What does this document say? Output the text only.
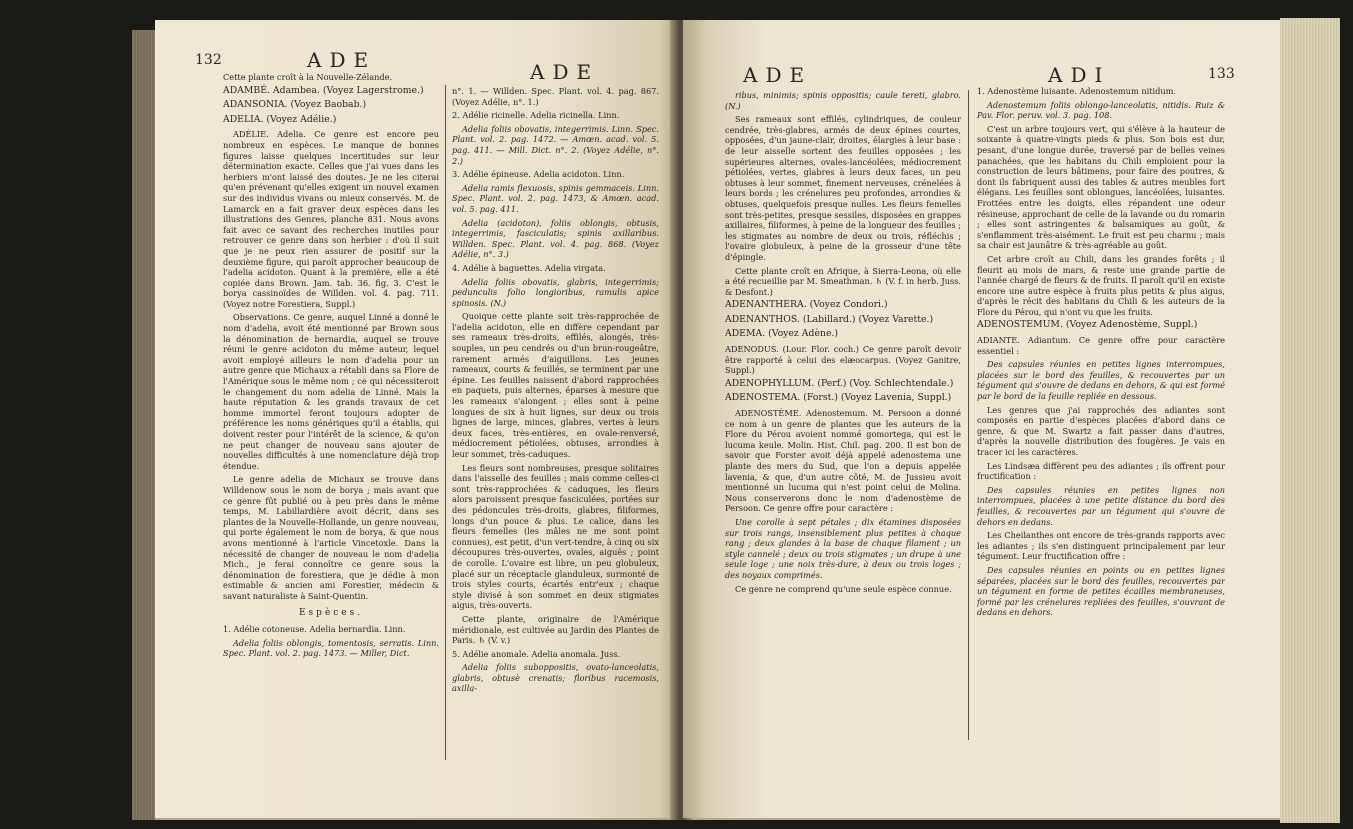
132	ADE	ADE

Cette plante croît à la Nouvelle-Zélande.

ADAMBÉ. Adambea. (Voyez Lagerstrome.)

ADANSONIA. (Voyez Baobab.)

ADELIA. (Voyez Adélie.)

ADÉLIE. Adelia. Ce genre est encore peu nombreux en espèces. Le manque de bonnes figures laisse quelques incertitudes sur leur détermination exacte. Celles que j'ai vues dans les herbiers m'ont laissé des doutes. Je ne les citerai qu'en prévenant qu'elles exigent un nouvel examen sur des individus vivans ou mieux conservés. M. de Lamarck en a fait graver deux espèces dans les illustrations des Genres, planche 831. Nous avons fait avec ce savant des recherches inutiles pour retrouver ce genre dans son herbier : d'où il suit que je ne peux rien assurer de positif sur la deuxième figure, qui paroît approcher beaucoup de l'adelia acidoton. Quant à la première, elle a été copiée dans Brown. Jam. tab. 36. fig. 3. C'est le borya cassinoïdes de Willden. vol. 4. pag. 711. (Voyez notre Forestiera, Suppl.)

Observations. Ce genre, auquel Linné a donné le nom d'adelia, avoit été mentionné par Brown sous la dénomination de bernardia, auquel se trouve réuni le genre acidoton du même auteur, lequel avoit employé ailleurs le nom d'adelia pour un autre genre que Michaux a rétabli dans sa Flore de l'Amérique sous le même nom ; ce qui nécessiteroit le changement du nom adelia de Linné. Mais la haute réputation & les grands travaux de cet homme immortel feront toujours adopter de préférence les noms génériques qu'il a établis, qui doivent rester pour l'intérêt de la science, & qu'on ne peut changer de nouveau sans ajouter de nouvelles difficultés à une nomenclature déjà trop étendue.

Le genre adelia de Michaux se trouve dans Willdenow sous le nom de borya ; mais avant que ce genre fût publié ou à peu près dans le même temps, M. Labillardière avoit décrit, dans ses plantes de la Nouvelle-Hollande, un genre nouveau, qui porte également le nom de borya, & que nous avons mentionné à l'article Vincetoxle. Dans la nécessité de changer de nouveau le nom d'adelia Mich., je ferai connoître ce genre sous la dénomination de forestiera, que je dédie à mon estimable & ancien ami Forestier, médecin & savant naturaliste à Saint-Quentin.

Espèces.

1. Adélie cotoneuse. Adelia bernardia. Linn.

Adelia foliis oblongis, tomentosis, serratis. Linn. Spec. Plant. vol. 2. pag. 1473. — Miller, Dict.

n°. 1. — Willden. Spec. Plant. vol. 4. pag. 867. (Voyez Adélie, n°. 1.)

2. Adélie ricinelle. Adelia ricinella. Linn.

Adelia foliis obovatis, integerrimis. Linn. Spec. Plant. vol. 2. pag. 1472. — Amœn. acad. vol. 5. pag. 411. — Mill. Dict. n°. 2. (Voyez Adélie, n°. 2.)

3. Adélie épineuse. Adelia acidoton. Linn.

Adelia ramis flexuosis, spinis gemmaceis. Linn. Spec. Plant. vol. 2. pag. 1473, & Amœn. acad. vol. 5. pag. 411.

Adelia (acidoton), foliis oblongis, obtusis, integerrimis, fasciculatis; spinis axillaribus. Willden. Spec. Plant. vol. 4. pag. 868. (Voyez Adélie, n°. 3.)

4. Adélie à baguettes. Adelia virgata.

Adelia foliis obovatis, glabris, integerrimis; pedunculis folio longioribus, ramulis apice spinosis. (N.)

Quoique cette plante soit très-rapprochée de l'adelia acidoton, elle en diffère cependant par ses rameaux très-droits, effilés, alongés, très-souples, un peu cendrés ou d'un brun-rougeâtre, rarement armés d'aiguillons. Les jeunes rameaux, courts & feuillés, se terminent par une épine. Les feuilles naissent d'abord rapprochées en paquets, puis alternes, éparses à mesure que les rameaux s'alongent ; elles sont à peine longues de six à huit lignes, sur deux ou trois lignes de large, minces, glabres, vertes à leurs deux faces, très-entières, en ovale-renversé, médiocrement pétiolées, obtuses, arrondies à leur sommet, très-caduques.

Les fleurs sont nombreuses, presque solitaires dans l'aisselle des feuilles ; mais comme celles-ci sont très-rapprochées & caduques, les fleurs alors paroissent presque fasciculées, portées sur des pédoncules très-droits, glabres, filiformes, longs d'un pouce & plus. Le calice, dans les fleurs femelles (les mâles ne me sont point connues), est petit, d'un vert-tendre, à cinq ou six découpures très-ouvertes, ovales, aiguës ; point de corolle. L'ovaire est libre, un peu globuleux, placé sur un réceptacle glanduleux, surmonté de trois styles courts, écartés entr'eux ; chaque style divisé à son sommet en deux stigmates aigus, très-ouverts.

Cette plante, originaire de l'Amérique méridionale, est cultivée au Jardin des Plantes de Paris. ♄ (V. v.)

5. Adélie anomale. Adelia anomala. Juss.

Adelia foliis suboppositis, ovato-lanceolatis, glabris, obtusè crenatis; floribus racemosis, axilla-

ADE	ADI	133

ribus, minimis; spinis oppositis; caule tereti, glabro. (N.)

Ses rameaux sont effilés, cylindriques, de couleur cendrée, très-glabres, armés de deux épines courtes, opposées, d'un jaune-clair, droites, élargies à leur base : de leur aisselle sortent des feuilles opposées ; les supérieures alternes, ovales-lancéolées, médiocrement pétiolées, vertes, glabres à leurs deux faces, un peu obtuses à leur sommet, finement nerveuses, crénelées à leurs bords ; les crénelures peu profondes, arrondies & obtuses, quelquefois presque nulles. Les fleurs femelles sont très-petites, presque sessiles, disposées en grappes axillaires, filiformes, à peine de la longueur des feuilles ; les stigmates au nombre de deux ou trois, réfléchis ; l'ovaire globuleux, à peine de la grosseur d'une tête d'épingle.

Cette plante croît en Afrique, à Sierra-Leona, où elle a été recueillie par M. Smeathman. ♄ (V. f. in herb. Juss. & Desfont.)

ADENANTHERA. (Voyez Condori.)

ADENANTHOS. (Labillard.) (Voyez Varette.)

ADEMA. (Voyez Adène.)

ADENODUS. (Lour. Flor. coch.) Ce genre paroît devoir être rapporté à celui des elæocarpus. (Voyez Ganitre, Suppl.)

ADENOPHYLLUM. (Perf.) (Voy. Schlechtendale.)

ADENOSTEMA. (Forst.) (Voyez Lavenia, Suppl.)

ADENOSTÈME. Adenostemum. M. Persoon a donné ce nom à un genre de plantes que les auteurs de la Flore du Pérou avoient nommé gomortega, qui est le lucuma keule. Molin. Hist. Chil. pag. 200. Il est bon de savoir que Forster avoit déjà appelé adenostema une plante des mers du Sud, que l'on a depuis appelée lavenia, & que, d'un autre côté, M. de Jussieu avoit mentionné un lucuma qui n'est point celui de Molina. Nous conserverons donc le nom d'adenostème de Persoon. Ce genre offre pour caractère :

Une corolle à sept pétales ; dix étamines disposées sur trois rangs, insensiblement plus petites à chaque rang ; deux glandes à la base de chaque filament ; un style cannelé ; deux ou trois stigmates ; un drupe à une seule loge ; une noix très-dure, à deux ou trois loges ; des noyaux comprimés.

Ce genre ne comprend qu'une seule espèce connue.

1. Adenostème luisante. Adenostemum nitidum.

Adenostemum foliis oblongo-lanceolatis, nitidis. Ruiz & Pav. Flor. peruv. vol. 3. pag. 108.

C'est un arbre toujours vert, qui s'élève à la hauteur de soixante à quatre-vingts pieds & plus. Son bois est dur, pesant, d'une longue durée, traversé par de belles veines panachées, que les habitans du Chili emploient pour la construction de leurs bâtimens, pour faire des poutres, & dont ils fabriquent aussi des tables & autres meubles fort élégans. Les feuilles sont oblongues, lancéolées, luisantes. Frottées entre les doigts, elles répandent une odeur résineuse, approchant de celle de la lavande ou du romarin ; elles sont astringentes & balsamiques au goût, & s'enflamment très-aisément. Le fruit est peu charnu ; mais sa chair est jaunâtre & très-agréable au goût.

Cet arbre croît au Chili, dans les grandes forêts ; il fleurit au mois de mars, & reste une grande partie de l'année chargé de fleurs & de fruits. Il paroît qu'il en existe encore une autre espèce à fruits plus petits & plus aigus, d'après le récit des habitans du Chili & les auteurs de la Flore du Pérou, qui n'ont vu que les fruits.

ADENOSTEMUM. (Voyez Adenostème, Suppl.)

ADIANTE. Adiantum. Ce genre offre pour caractère essentiel :

Des capsules réunies en petites lignes interrompues, placées sur le bord des feuilles, & recouvertes par un tégument qui s'ouvre de dedans en dehors, & qui est formé par le bord de la feuille repliée en dessous.

Les genres que j'ai rapprochés des adiantes sont composés en partie d'espèces placées d'abord dans ce genre, & que M. Swartz a fait passer dans d'autres, d'après la nouvelle distribution des fougères. Je vais en tracer ici les caractères.

Les Lindsæa diffèrent peu des adiantes ; ils offrent pour fructification :

Des capsules réunies en petites lignes non interrompues, placées à une petite distance du bord des feuilles, & recouvertes par un tégument qui s'ouvre de dehors en dedans.

Les Cheilanthes ont encore de très-grands rapports avec les adiantes ; ils s'en distinguent principalement par leur tégument. Leur fructification offre :

Des capsules réunies en points ou en petites lignes séparées, placées sur le bord des feuilles, recouvertes par un tégument en forme de petites écailles membraneuses, formé par les crénelures repliées des feuilles, s'ouvrant de dedans en dehors.
